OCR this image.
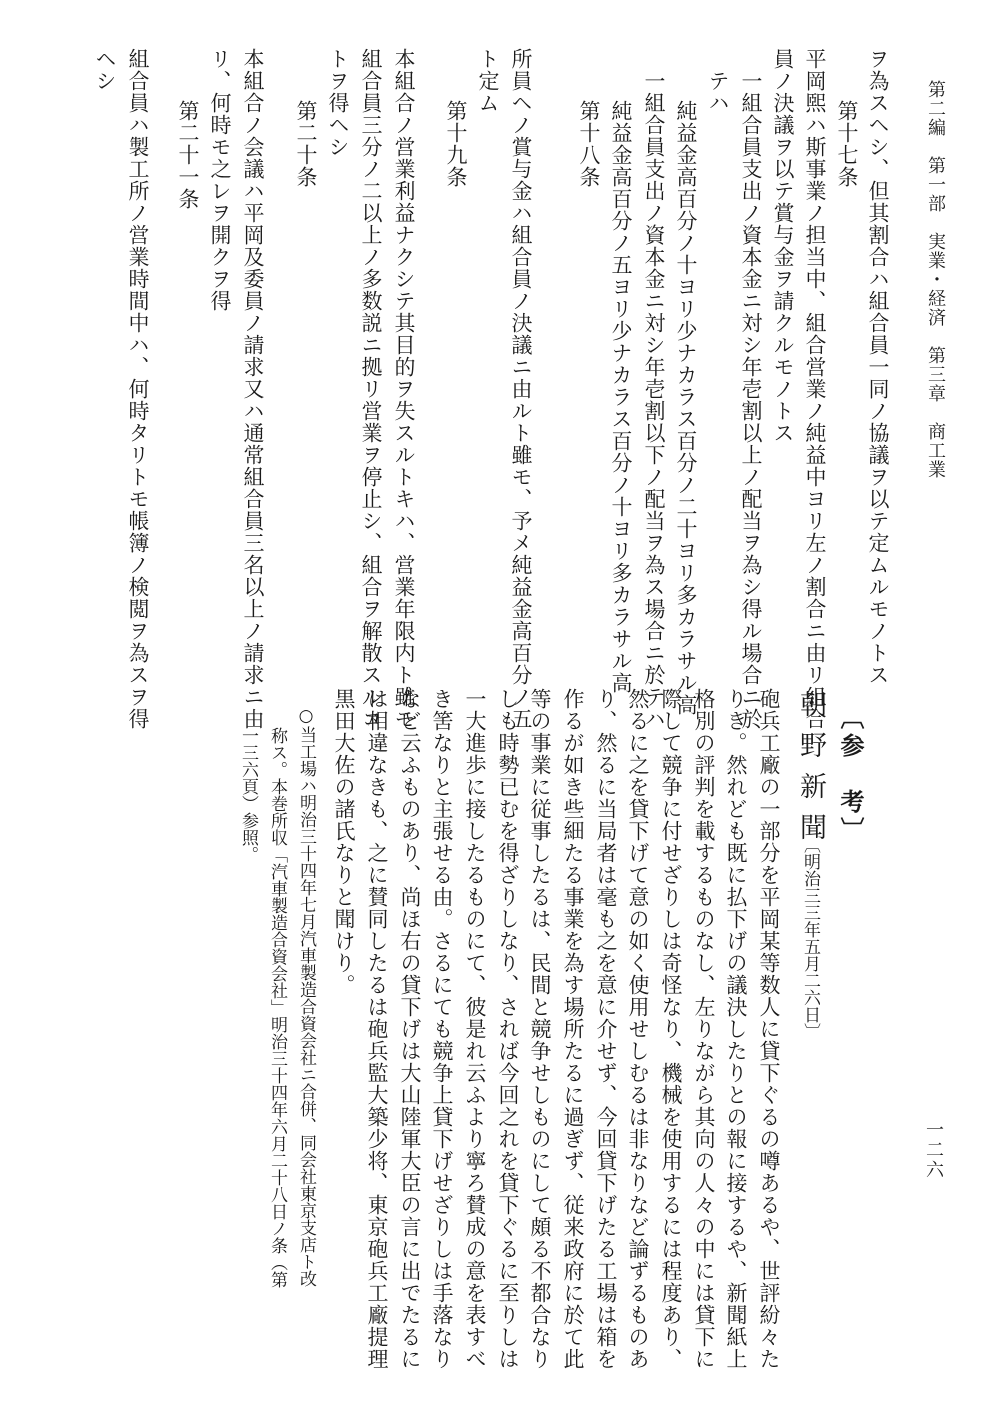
第二編　第一部　実業・経済　第三章　商工業
一二六
ヲ為スヘシ、但其割合ハ組合員一同ノ協議ヲ以テ定ムルモノトス
第十七条
平岡煕ハ斯事業ノ担当中、組合営業ノ純益中ヨリ左ノ割合ニ由リ組合
員ノ決議ヲ以テ賞与金ヲ請クルモノトス
一組合員支出ノ資本金ニ対シ年壱割以上ノ配当ヲ為シ得ル場合ニ於
テハ
純益金高百分ノ十ヨリ少ナカラス百分ノ二十ヨリ多カラサル高
一組合員支出ノ資本金ニ対シ年壱割以下ノ配当ヲ為ス場合ニ於テハ
純益金高百分ノ五ヨリ少ナカラス百分ノ十ヨリ多カラサル高
第十八条
所員ヘノ賞与金ハ組合員ノ決議ニ由ルト雖モ、予メ純益金高百分ノ五
ト定ム
第十九条
本組合ノ営業利益ナクシテ其目的ヲ失スルトキハ、営業年限内ト雖モ
組合員三分ノ二以上ノ多数説ニ拠リ営業ヲ停止シ、組合ヲ解散スルコ
トヲ得ヘシ
第二十条
本組合ノ会議ハ平岡及委員ノ請求又ハ通常組合員三名以上ノ請求ニ由
リ、何時モ之レヲ開クヲ得
第二十一条
組合員ハ製工所ノ営業時間中ハ、何時タリトモ帳簿ノ検閲ヲ為スヲ得
ヘシ
〔参　考〕
朝野新聞
〔明治三三年五月二六日〕
砲兵工廠の一部分を平岡某等数人に貸下ぐるの噂あるや、世評紛々た
りき。然れども既に払下げの議決したりとの報に接するや、新聞紙上
格別の評判を載するものなし、左りながら其向の人々の中には貸下に
際して競争に付せざりしは奇怪なり、機械を使用するには程度あり、
然るに之を貸下げて意の如く使用せしむるは非なりなど論ずるものあ
り、然るに当局者は毫も之を意に介せず、今回貸下げたる工場は箱を
作るが如き些細たる事業を為す場所たるに過ぎず、従来政府に於て此
等の事業に従事したるは、民間と競争せしものにして頗る不都合なり
しも時勢已むを得ざりしなり、されば今回之れを貸下ぐるに至りしは
一大進歩に接したるものにて、彼是れ云ふより寧ろ賛成の意を表すべ
き筈なりと主張せる由。さるにても競争上貸下げせざりしは手落なり
など云ふものあり、尚ほ右の貸下げは大山陸軍大臣の言に出でたるに
は相違なきも、之に賛同したるは砲兵監大築少将、東京砲兵工廠提理
黒田大佐の諸氏なりと聞けり。
○当工場ハ明治三十四年七月汽車製造合資会社ニ合併、同会社東京支店ト改
称ス。本巻所収「汽車製造合資会社」明治三十四年六月二十八日ノ条（第
一三六頁）参照。
